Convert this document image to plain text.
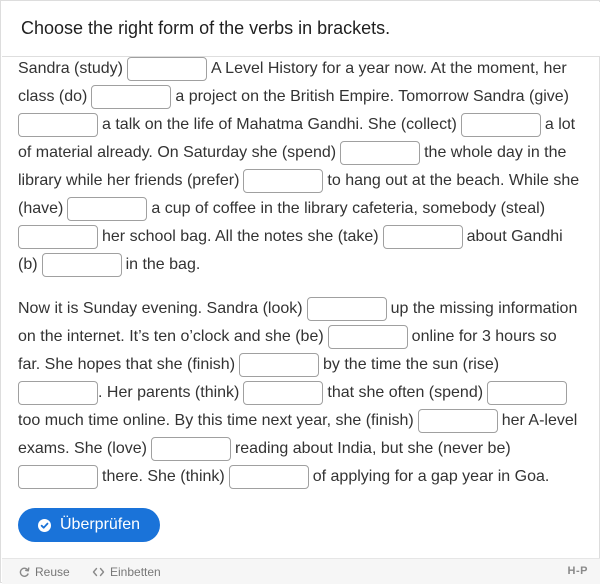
Choose the right form of the verbs in brackets.
Sandra (study)	A Level History for a year now. At the moment, her
class (do)	a project on the British Empire. Tomorrow Sandra (give)
a talk on the life of Mahatma Gandhi. She (collect)	a lot
of material already. On Saturday she (spend)	the whole day in the
library while her friends (prefer)	to hang out at the beach. While she
(have)	a cup of coffee in the library cafeteria, somebody (steal)
her school bag. All the notes she (take)	about Gandhi
(b)	in the bag.
Now it is Sunday evening. Sandra (look)	up the missing information
on the internet. It’s ten o’clock and she (be)	online for 3 hours so
far. She hopes that she (finish)	by the time the sun (rise)
. Her parents (think)	that she often (spend)
too much time online. By this time next year, she (finish)	her A-level
exams. She (love)	reading about India, but she (never be)
there. She (think)	of applying for a gap year in Goa.
Überprüfen
Reuse	Einbetten	H-P
